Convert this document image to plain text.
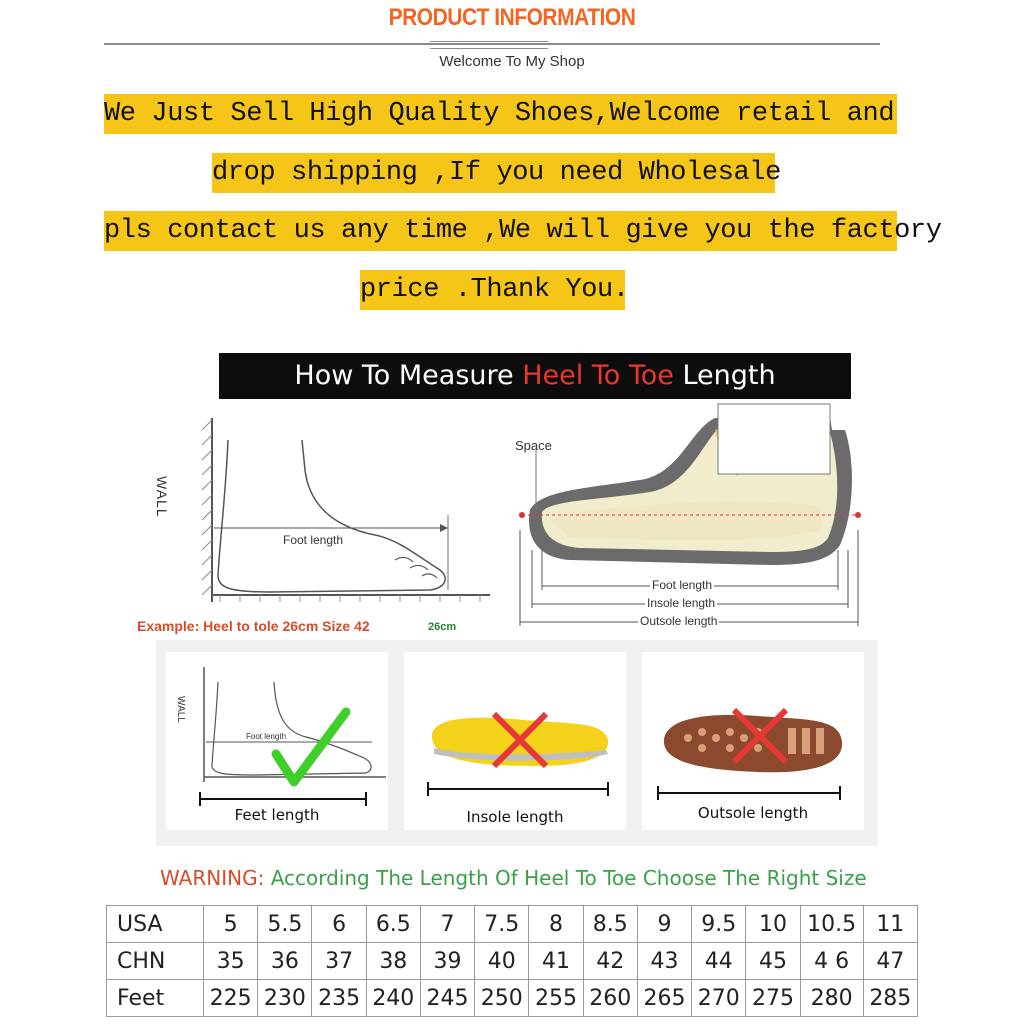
PRODUCT INFORMATION
Welcome To My Shop
We Just Sell High Quality Shoes,Welcome retail and
drop shipping ,If you need Wholesale
pls contact us any time ,We will give you the factory
price .Thank You.
How To Measure Heel To Toe Length
WALL
Foot length
Example: Heel to tole 26cm Size 42	26cm
Space
Foot length
Insole length
Outsole length
Foot length
WALL
Feet length	Insole length	Outsole length
WARNING: According The Length Of Heel To Toe Choose The Right Size
USA	5	5.5	6	6.5	7	7.5	8	8.5	9	9.5	10	10.5	11
CHN	35	36	37	38	39	40	41	42	43	44	45	4 6	47
Feet	225	230	235	240	245	250	255	260	265	270	275	280	285
